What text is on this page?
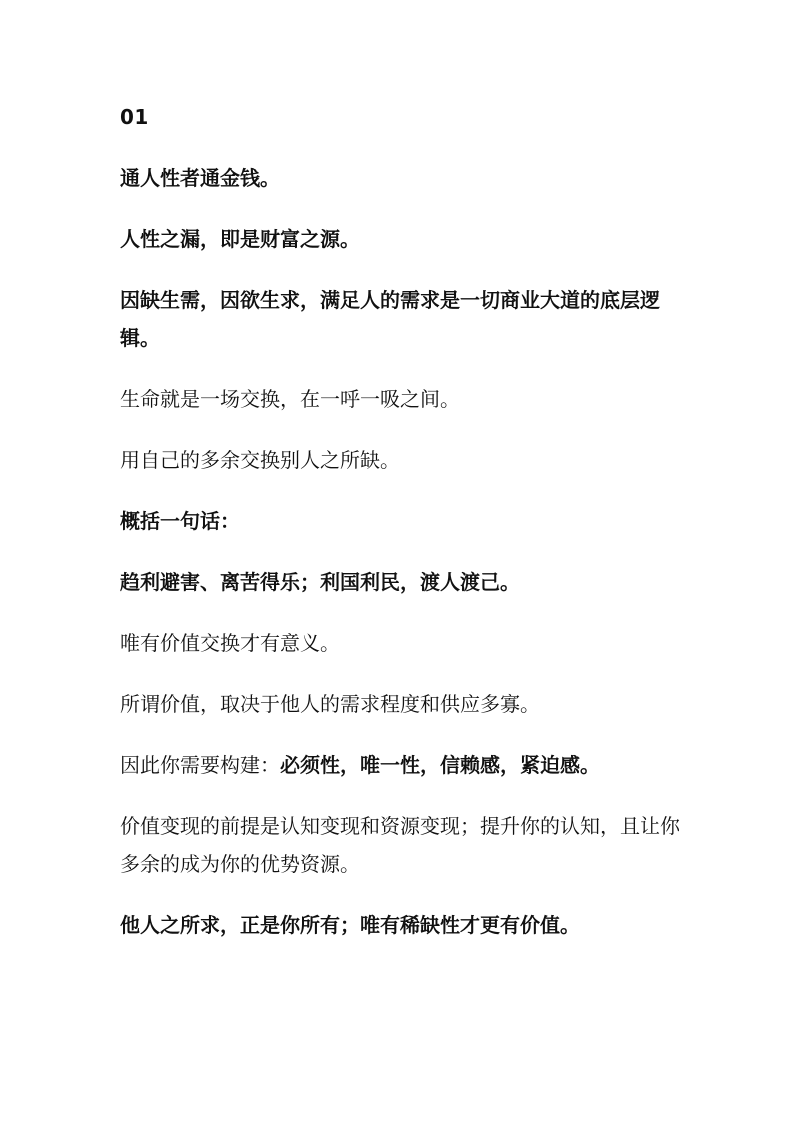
01

通人性者通金钱。

人性之漏，即是财富之源。

因缺生需，因欲生求，满足人的需求是一切商业大道的底层逻辑。

生命就是一场交换，在一呼一吸之间。

用自己的多余交换别人之所缺。

概括一句话：

趋利避害、离苦得乐；利国利民，渡人渡己。

唯有价值交换才有意义。

所谓价值，取决于他人的需求程度和供应多寡。

因此你需要构建：必须性，唯一性，信赖感，紧迫感。

价值变现的前提是认知变现和资源变现；提升你的认知，且让你多余的成为你的优势资源。

他人之所求，正是你所有；唯有稀缺性才更有价值。
